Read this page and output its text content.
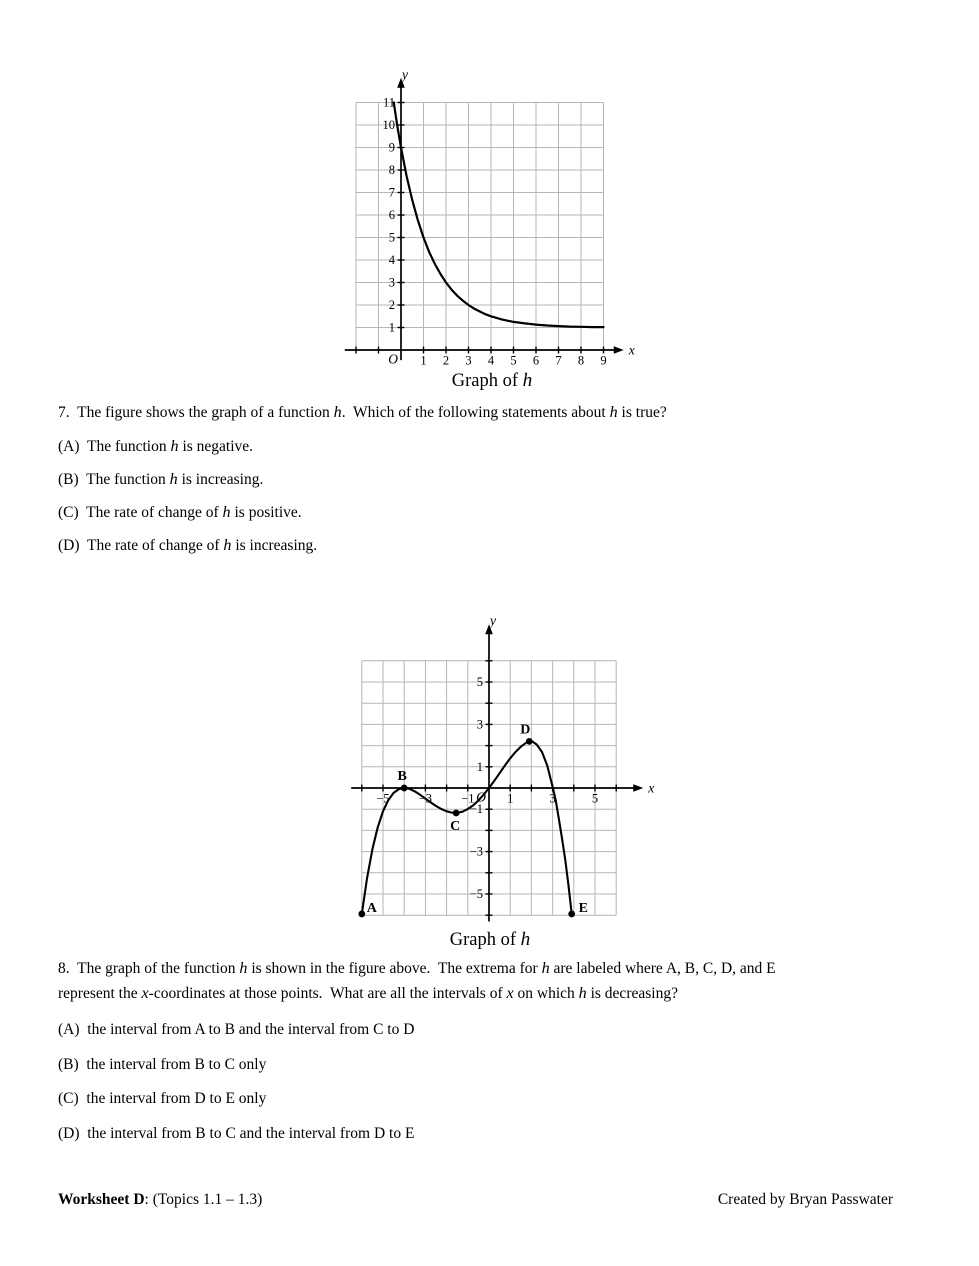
1 2 3 4 5 6 7 8 9
1
2
3
4
5
6
7
8
9
10
11
O
x
y
Graph of h
7.  The figure shows the graph of a function h.  Which of the following statements about h is true?
(A)  The function h is negative.
(B)  The function h is increasing.
(C)  The rate of change of h is positive.
(D)  The rate of change of h is increasing.
−5 −3 −1	1	3	5
5
3
1
−1
−3
−5
O
x
y
A
B
C
D
E
Graph of h
8.  The graph of the function h is shown in the figure above.  The extrema for h are labeled where A, B, C, D, and E
represent the x-coordinates at those points.  What are all the intervals of x on which h is decreasing?
(A)  the interval from A to B and the interval from C to D
(B)  the interval from B to C only
(C)  the interval from D to E only
(D)  the interval from B to C and the interval from D to E
Worksheet D: (Topics 1.1 – 1.3)	Created by Bryan Passwater
